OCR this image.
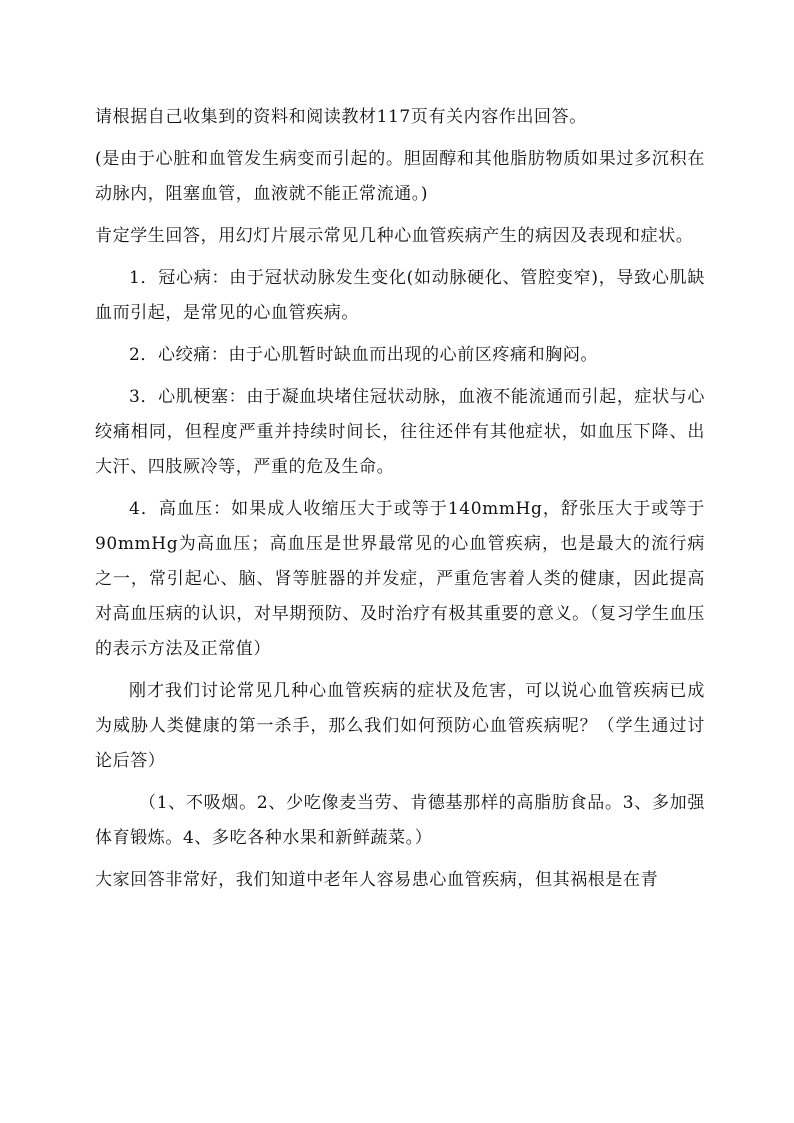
请根据自己收集到的资料和阅读教材117页有关内容作出回答。

(是由于心脏和血管发生病变而引起的。胆固醇和其他脂肪物质如果过多沉积在动脉内，阻塞血管，血液就不能正常流通。)

肯定学生回答，用幻灯片展示常见几种心血管疾病产生的病因及表现和症状。

1．冠心病：由于冠状动脉发生变化(如动脉硬化、管腔变窄)，导致心肌缺血而引起，是常见的心血管疾病。

2．心绞痛：由于心肌暂时缺血而出现的心前区疼痛和胸闷。

3．心肌梗塞：由于凝血块堵住冠状动脉，血液不能流通而引起，症状与心绞痛相同，但程度严重并持续时间长，往往还伴有其他症状，如血压下降、出大汗、四肢厥冷等，严重的危及生命。

4．高血压：如果成人收缩压大于或等于140mmHg，舒张压大于或等于90mmHg为高血压；高血压是世界最常见的心血管疾病，也是最大的流行病之一，常引起心、脑、肾等脏器的并发症，严重危害着人类的健康，因此提高对高血压病的认识，对早期预防、及时治疗有极其重要的意义。（复习学生血压的表示方法及正常值）

刚才我们讨论常见几种心血管疾病的症状及危害，可以说心血管疾病已成为威胁人类健康的第一杀手，那么我们如何预防心血管疾病呢？（学生通过讨论后答）

（1、不吸烟。2、少吃像麦当劳、肯德基那样的高脂肪食品。3、多加强体育锻炼。4、多吃各种水果和新鲜蔬菜。）

大家回答非常好，我们知道中老年人容易患心血管疾病，但其祸根是在青
